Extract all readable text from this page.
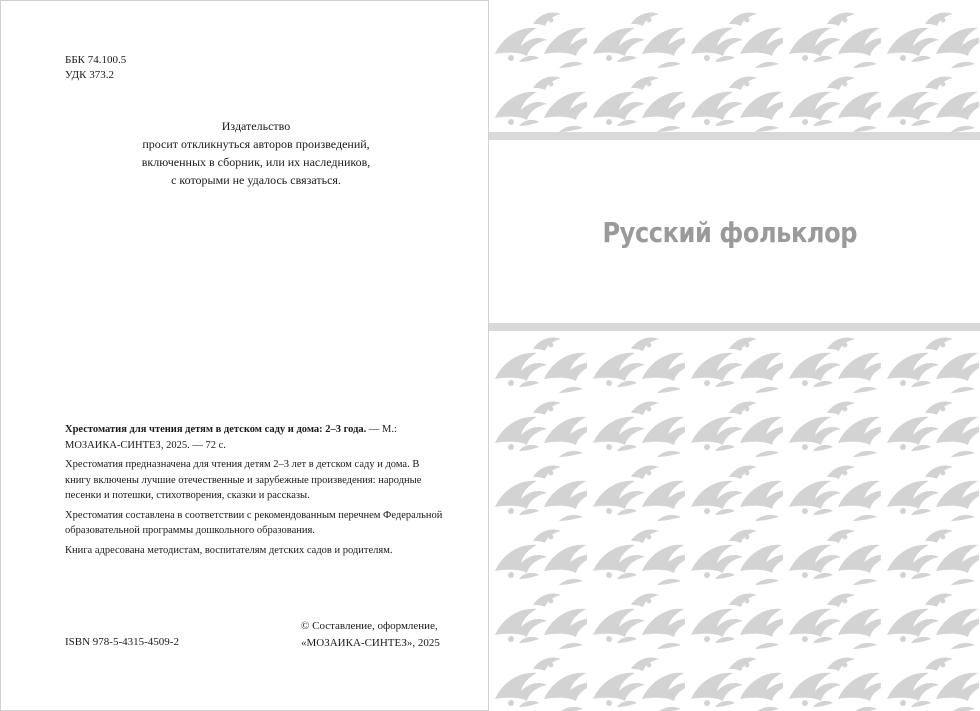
ББК 74.100.5
УДК 373.2
Издательство
просит откликнуться авторов произведений,
включенных в сборник, или их наследников,
с которыми не удалось связаться.
Хрестоматия для чтения детям в детском саду и дома: 2–3 года. — М.: МОЗАИКА-СИНТЕЗ, 2025. — 72 с.
Хрестоматия предназначена для чтения детям 2–3 лет в детском саду и дома. В книгу включены лучшие отечественные и зарубежные произведения: народные песенки и потешки, стихотворения, сказки и рассказы.
Хрестоматия составлена в соответствии с рекомендованным перечнем Федеральной образовательной программы дошкольного образования.
Книга адресована методистам, воспитателям детских садов и родителям.
ISBN 978-5-4315-4509-2
© Составление, оформление,
«МОЗАИКА-СИНТЕЗ», 2025
Русский фольклор
